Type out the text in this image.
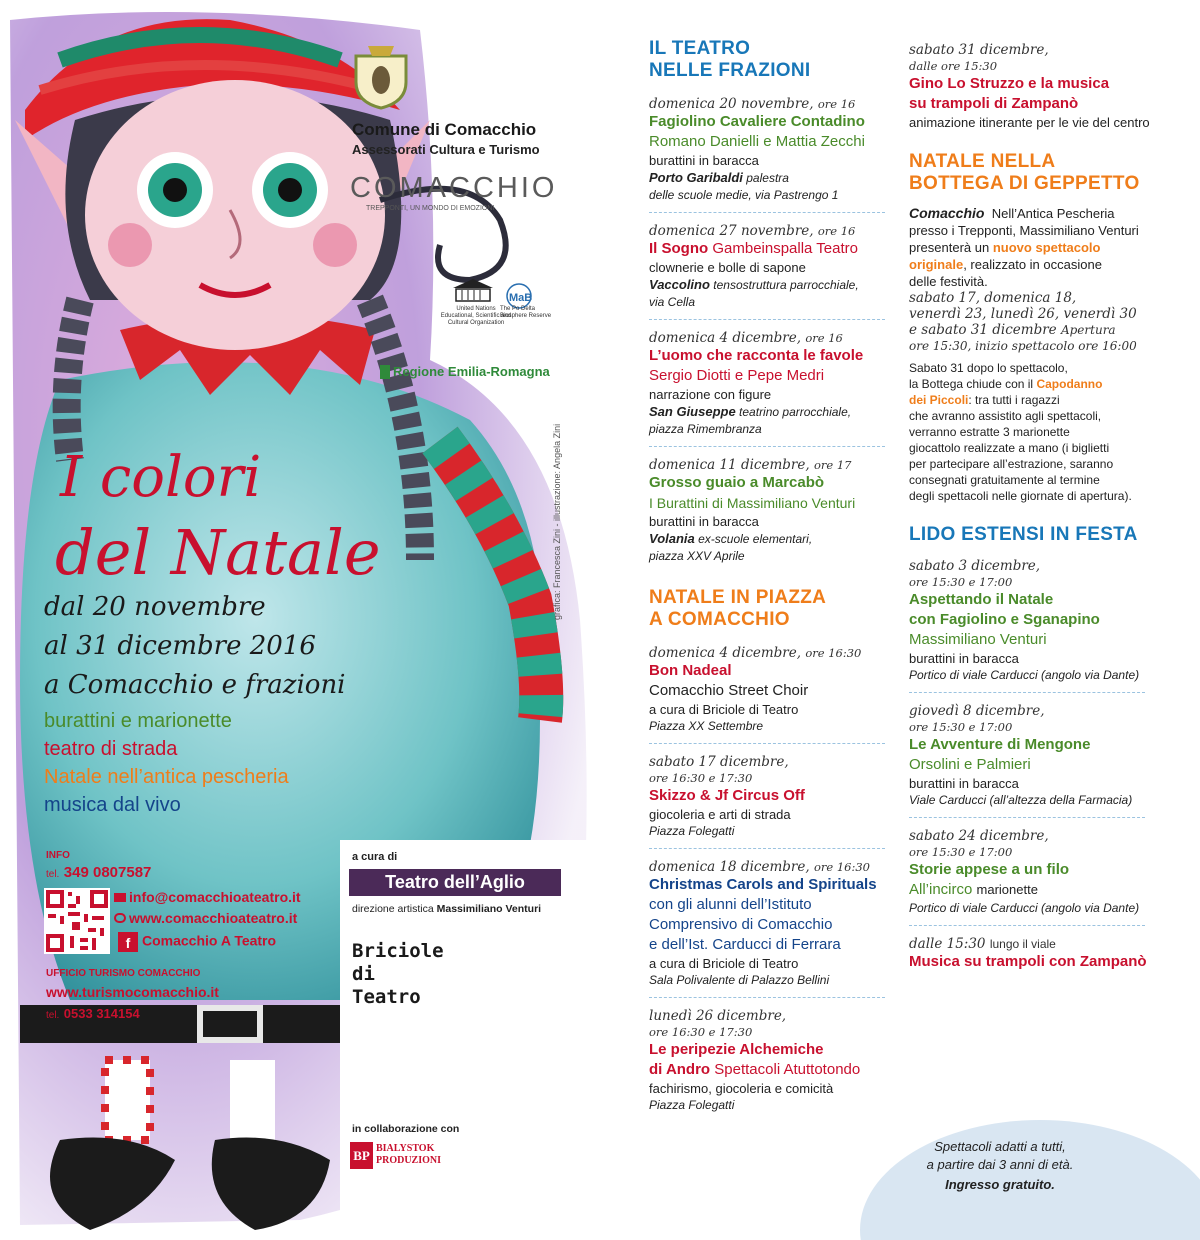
Comune di Comacchio
Assessorati Cultura e Turismo
COMACCHIO
TREPPONTI, UN MONDO DI EMOZIONI
United Nations
Educational, Scientific and
Cultural Organization
MaB
The Po Delta
Biosphere Reserve
Regione Emilia-Romagna
grafica: Francesca Zini - illustrazione: Angela Zini
I colori
del Natale
dal 20 novembre
al 31 dicembre 2016
a Comacchio e frazioni
burattini e marionette
teatro di strada
Natale nell’antica pescheria
musica dal vivo
INFO
tel. 349 0807587
info@comacchioateatro.it
www.comacchioateatro.it
f Comacchio A Teatro
UFFICIO TURISMO COMACCHIO
www.turismocomacchio.it
tel. 0533 314154
a cura di
Teatro dell’Aglio
direzione artistica Massimiliano Venturi
Briciole
di
Teatro
in collaborazione con
BP BIALYSTOK
PRODUZIONI
IL TEATRO
NELLE FRAZIONI
domenica 20 novembre, ore 16
Fagiolino Cavaliere Contadino
Romano Danielli e Mattia Zecchi
burattini in baracca
Porto Garibaldi palestra
delle scuole medie, via Pastrengo 1
domenica 27 novembre, ore 16
Il Sogno Gambeinspalla Teatro
clownerie e bolle di sapone
Vaccolino tensostruttura parrocchiale,
via Cella
domenica 4 dicembre, ore 16
L’uomo che racconta le favole
Sergio Diotti e Pepe Medri
narrazione con figure
San Giuseppe teatrino parrocchiale,
piazza Rimembranza
domenica 11 dicembre, ore 17
Grosso guaio a Marcabò
I Burattini di Massimiliano Venturi
burattini in baracca
Volania ex-scuole elementari,
piazza XXV Aprile
NATALE IN PIAZZA
A COMACCHIO
domenica 4 dicembre, ore 16:30
Bon Nadeal
Comacchio Street Choir
a cura di Briciole di Teatro
Piazza XX Settembre
sabato 17 dicembre,
ore 16:30 e 17:30
Skizzo & Jf Circus Off
giocoleria e arti di strada
Piazza Folegatti
domenica 18 dicembre, ore 16:30
Christmas Carols and Spirituals
con gli alunni dell’Istituto
Comprensivo di Comacchio
e dell’Ist. Carducci di Ferrara
a cura di Briciole di Teatro
Sala Polivalente di Palazzo Bellini
lunedì 26 dicembre,
ore 16:30 e 17:30
Le peripezie Alchemiche
di Andro Spettacoli Atuttotondo
fachirismo, giocoleria e comicità
Piazza Folegatti
sabato 31 dicembre,
dalle ore 15:30
Gino Lo Struzzo e la musica
su trampoli di Zampanò
animazione itinerante per le vie del centro
NATALE NELLA
BOTTEGA DI GEPPETTO
Comacchio Nell’Antica Pescheria
presso i Trepponti, Massimiliano Venturi
presenterà un nuovo spettacolo
originale, realizzato in occasione
delle festività.
sabato 17, domenica 18,
venerdì 23, lunedì 26, venerdì 30
e sabato 31 dicembre Apertura
ore 15:30, inizio spettacolo ore 16:00
Sabato 31 dopo lo spettacolo,
la Bottega chiude con il Capodanno
dei Piccoli: tra tutti i ragazzi
che avranno assistito agli spettacoli,
verranno estratte 3 marionette
giocattolo realizzate a mano (i biglietti
per partecipare all’estrazione, saranno
consegnati gratuitamente al termine
degli spettacoli nelle giornate di apertura).
LIDO ESTENSI IN FESTA
sabato 3 dicembre,
ore 15:30 e 17:00
Aspettando il Natale
con Fagiolino e Sganapino
Massimiliano Venturi
burattini in baracca
Portico di viale Carducci (angolo via Dante)
giovedì 8 dicembre,
ore 15:30 e 17:00
Le Avventure di Mengone
Orsolini e Palmieri
burattini in baracca
Viale Carducci (all’altezza della Farmacia)
sabato 24 dicembre,
ore 15:30 e 17:00
Storie appese a un filo
All’incirco marionette
Portico di viale Carducci (angolo via Dante)
dalle 15:30 lungo il viale
Musica su trampoli con Zampanò
Spettacoli adatti a tutti,
a partire dai 3 anni di età.
Ingresso gratuito.
